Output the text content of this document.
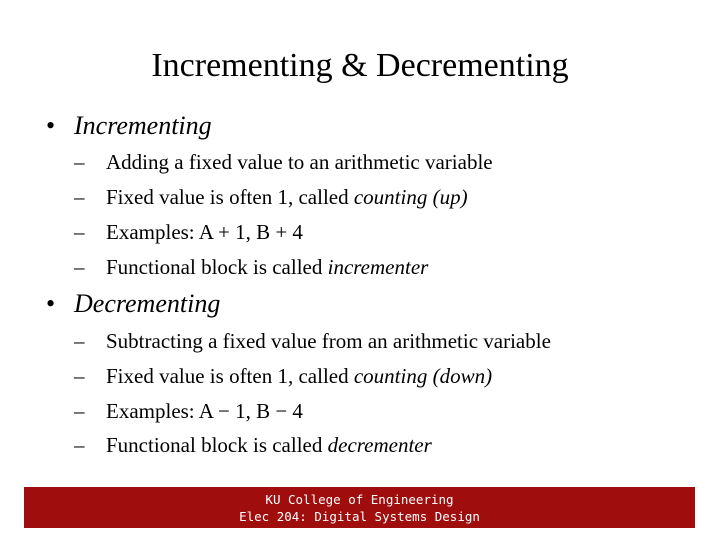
Incrementing & Decrementing
• Incrementing
– Adding a fixed value to an arithmetic variable
– Fixed value is often 1, called counting (up)
– Examples: A + 1, B + 4
– Functional block is called incrementer
• Decrementing
– Subtracting a fixed value from an arithmetic variable
– Fixed value is often 1, called counting (down)
– Examples: A − 1, B − 4
– Functional block is called decrementer
KU College of Engineering
Elec 204: Digital Systems Design
